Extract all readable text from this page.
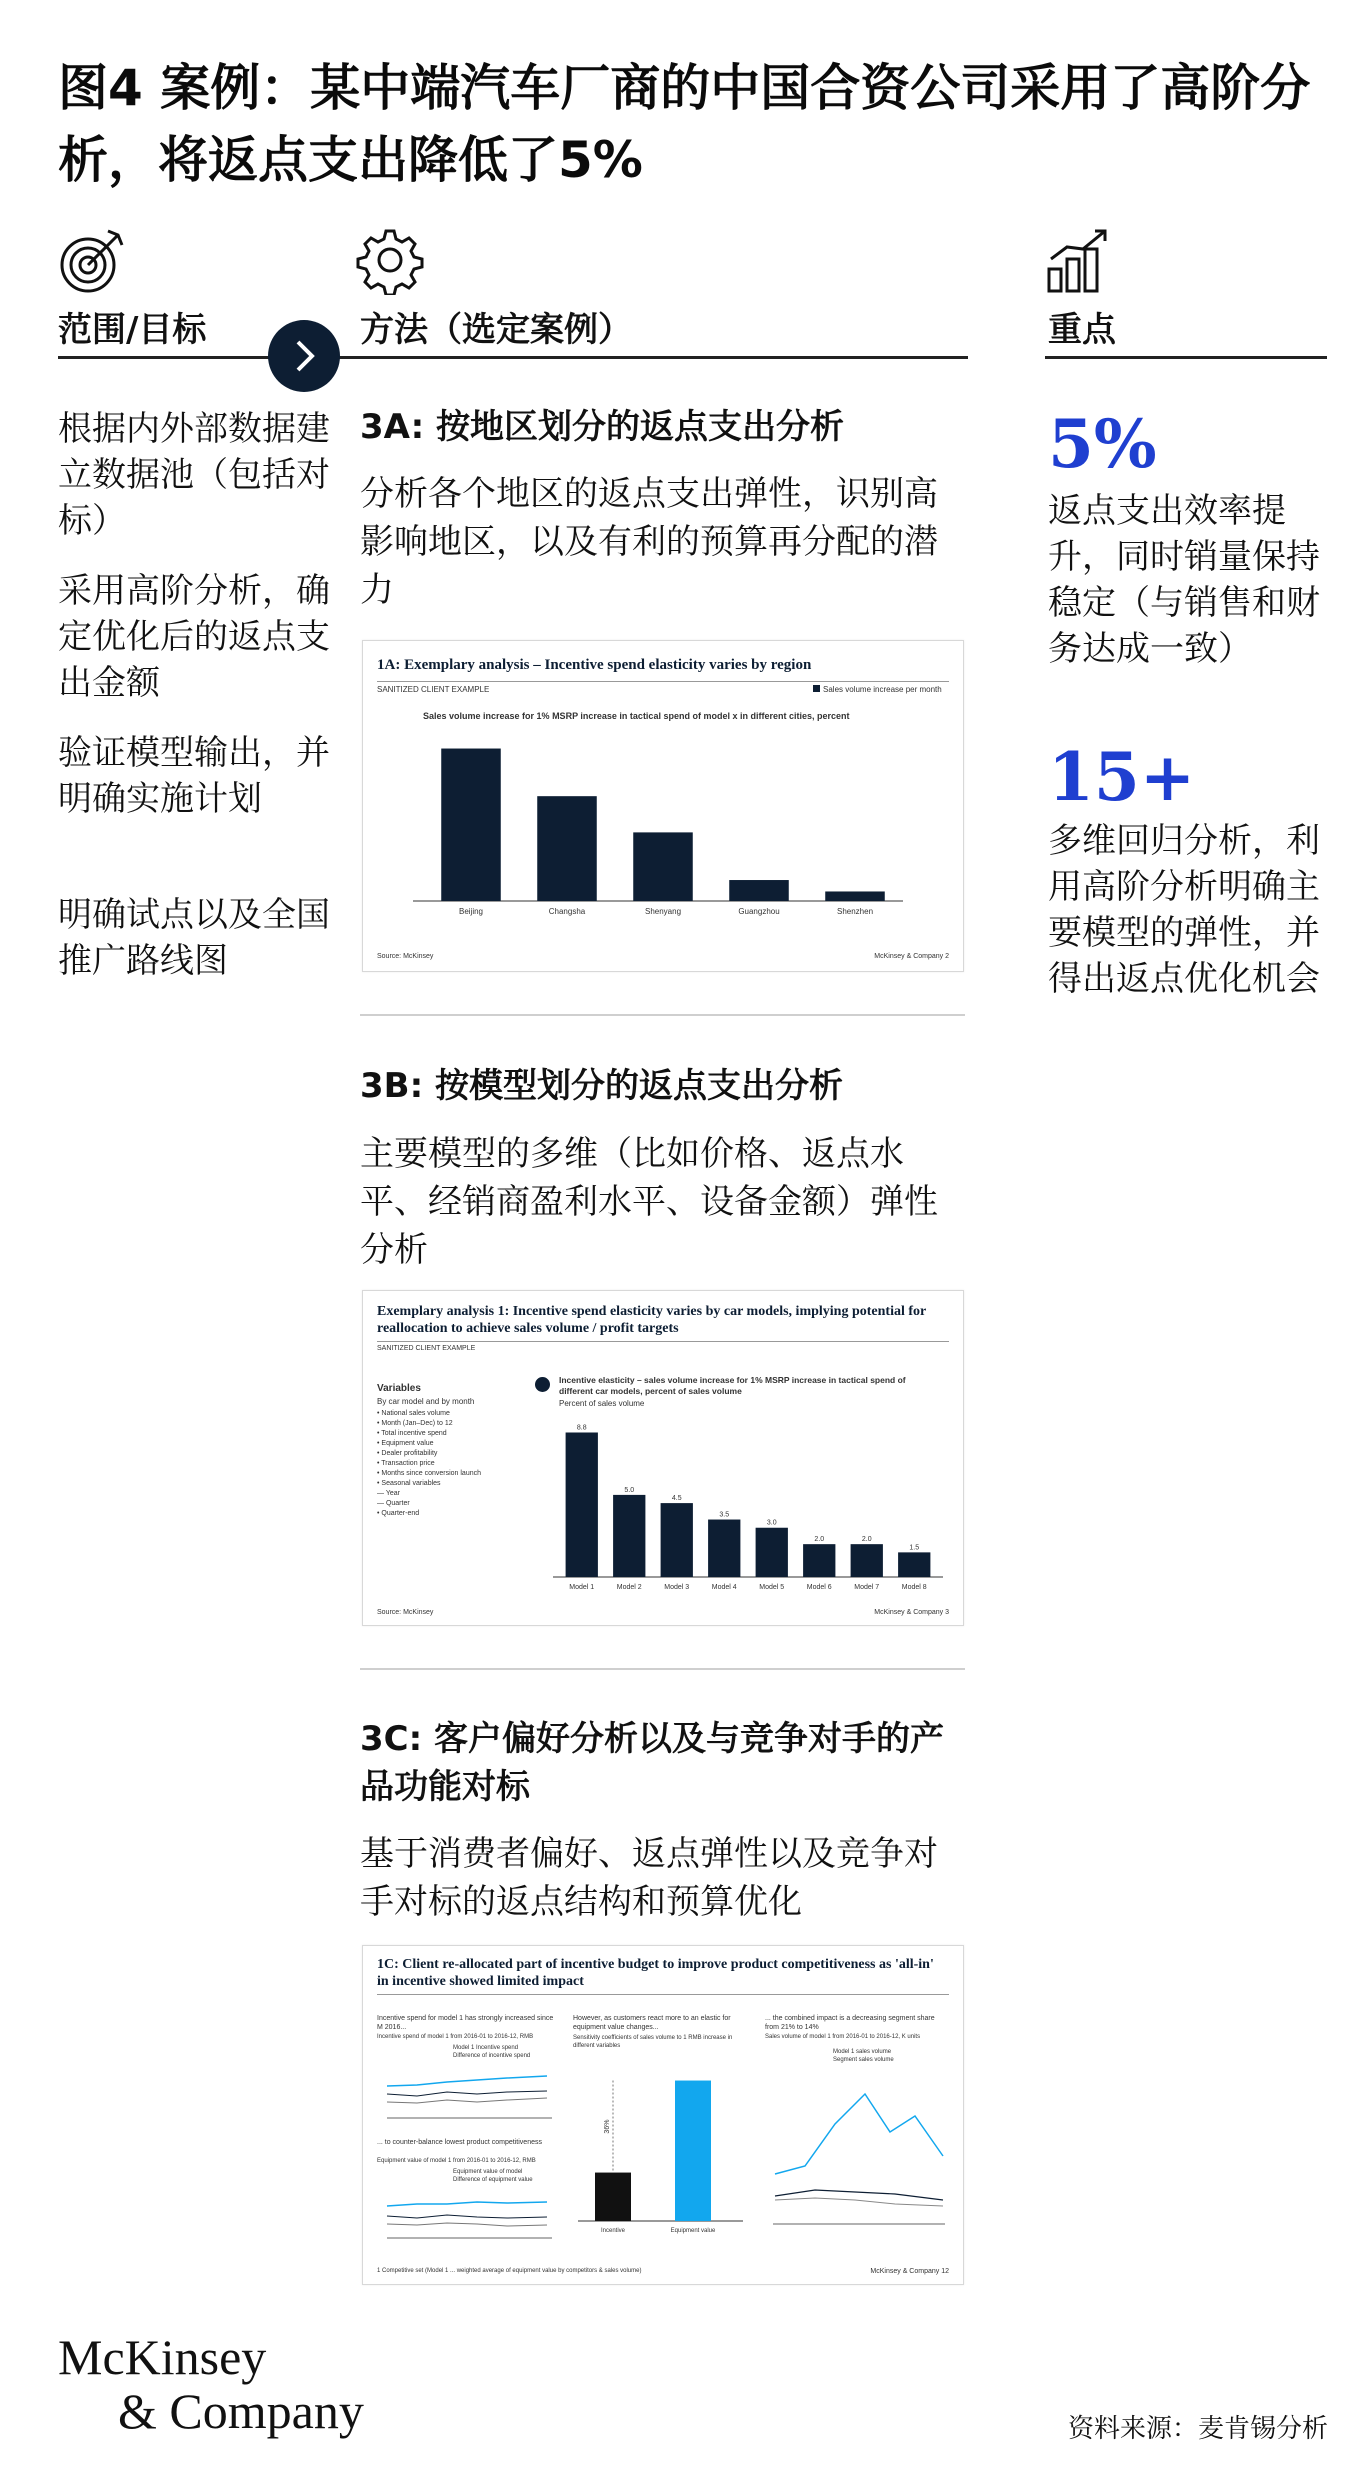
图4 案例：某中端汽车厂商的中国合资公司采用了高阶分析，将返点支出降低了5%
范围/目标	方法（选定案例）	重点
根据内外部数据建立数据池（包括对标）
采用高阶分析，确定优化后的返点支出金额
验证模型输出，并明确实施计划
明确试点以及全国推广路线图
3A: 按地区划分的返点支出分析
分析各个地区的返点支出弹性，识别高影响地区，以及有利的预算再分配的潜力
1A: Exemplary analysis – Incentive spend elasticity varies by region
SANITIZED CLIENT EXAMPLE	Sales volume increase per month
Sales volume increase for 1% MSRP increase in tactical spend of model x in different cities, percent
Beijing	Changsha	Shenyang	Guangzhou	Shenzhen
Source: McKinsey	McKinsey & Company 2
3B: 按模型划分的返点支出分析
主要模型的多维（比如价格、返点水平、经销商盈利水平、设备金额）弹性分析
Exemplary analysis 1: Incentive spend elasticity varies by car models, implying potential for reallocation to achieve sales volume / profit targets
SANITIZED CLIENT EXAMPLE
Variables
By car model and by month
• National sales volume
• Month (Jan–Dec) to 12
• Total incentive spend
• Equipment value
• Dealer profitability
• Transaction price
• Months since conversion launch
• Seasonal variables
— Year
— Quarter
• Quarter-end
Incentive elasticity – sales volume increase for 1% MSRP increase in tactical spend of different car models, percent of sales volume
Percent of sales volume
8.8
Model 1
5.0
Model 2
4.5
Model 3
3.5
Model 4
3.0
Model 5
2.0
Model 6
2.0
Model 7
1.5
Model 8
Source: McKinsey	McKinsey & Company 3
3C: 客户偏好分析以及与竞争对手的产品功能对标
基于消费者偏好、返点弹性以及竞争对手对标的返点结构和预算优化
1C: Client re-allocated part of incentive budget to improve product competitiveness as 'all-in' in incentive showed limited impact
Incentive spend for model 1 has strongly increased since M 2016...
Incentive spend of model 1 from 2016-01 to 2016-12, RMB
Model 1 Incentive spend
Difference of incentive spend
... to counter-balance lowest product competitiveness
Equipment value of model 1 from 2016-01 to 2016-12, RMB
Equipment value of model
Difference of equipment value
However, as customers react more to an elastic for equipment value changes...
Sensitivity coefficients of sales volume to 1 RMB increase in different variables
Incentive	Equipment value
36%
... the combined impact is a decreasing segment share from 21% to 14%
Sales volume of model 1 from 2016-01 to 2016-12, K units
Model 1 sales volume
Segment sales volume
1 Competitive set (Model 1 ... weighted average of equipment value by competitors & sales volume)	McKinsey & Company 12
5%
返点支出效率提升，同时销量保持稳定（与销售和财务达成一致）
15+
多维回归分析，利用高阶分析明确主要模型的弹性，并得出返点优化机会
McKinsey
& Company	资料来源：麦肯锡分析
